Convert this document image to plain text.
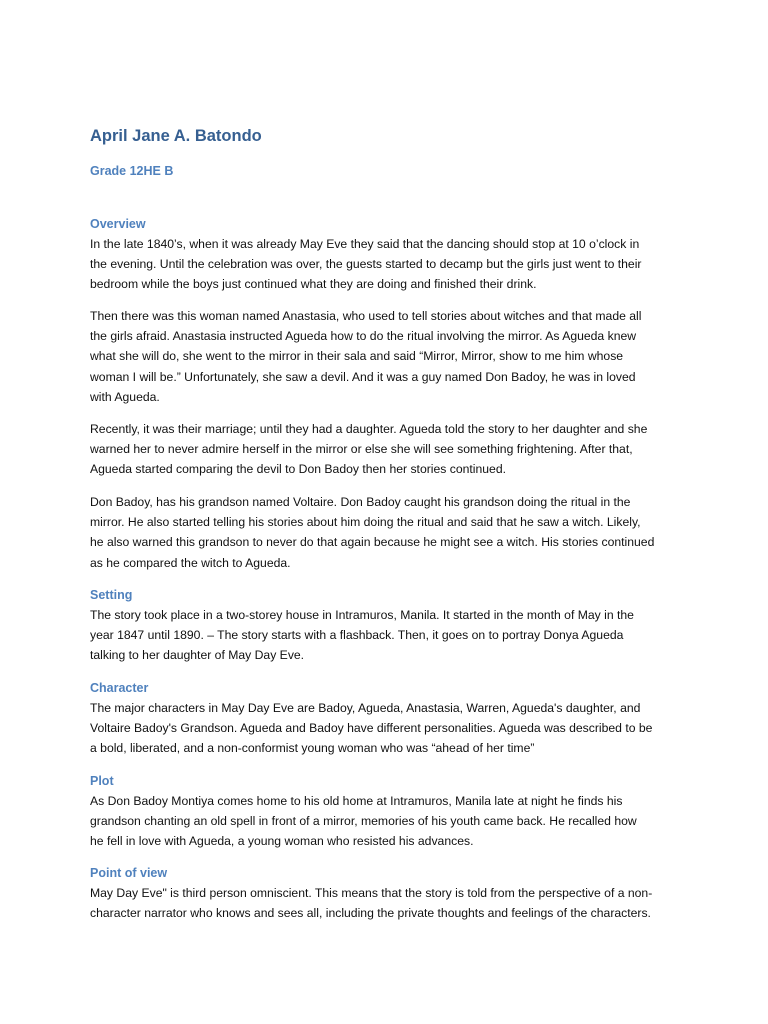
April Jane A. Batondo
Grade 12HE B
Overview

In the late 1840’s, when it was already May Eve they said that the dancing should stop at 10 o’clock in
the evening. Until the celebration was over, the guests started to decamp but the girls just went to their
bedroom while the boys just continued what they are doing and finished their drink.

Then there was this woman named Anastasia, who used to tell stories about witches and that made all
the girls afraid. Anastasia instructed Agueda how to do the ritual involving the mirror. As Agueda knew
what she will do, she went to the mirror in their sala and said “Mirror, Mirror, show to me him whose
woman I will be.” Unfortunately, she saw a devil. And it was a guy named Don Badoy, he was in loved
with Agueda.

Recently, it was their marriage; until they had a daughter. Agueda told the story to her daughter and she
warned her to never admire herself in the mirror or else she will see something frightening. After that,
Agueda started comparing the devil to Don Badoy then her stories continued.

Don Badoy, has his grandson named Voltaire. Don Badoy caught his grandson doing the ritual in the
mirror. He also started telling his stories about him doing the ritual and said that he saw a witch. Likely,
he also warned this grandson to never do that again because he might see a witch. His stories continued
as he compared the witch to Agueda.

Setting

The story took place in a two-storey house in Intramuros, Manila. It started in the month of May in the
year 1847 until 1890. – The story starts with a flashback. Then, it goes on to portray Donya Agueda
talking to her daughter of May Day Eve.

Character

The major characters in May Day Eve are Badoy, Agueda, Anastasia, Warren, Agueda's daughter, and
Voltaire Badoy's Grandson. Agueda and Badoy have different personalities. Agueda was described to be
a bold, liberated, and a non-conformist young woman who was “ahead of her time”

Plot

As Don Badoy Montiya comes home to his old home at Intramuros, Manila late at night he finds his
grandson chanting an old spell in front of a mirror, memories of his youth came back. He recalled how
he fell in love with Agueda, a young woman who resisted his advances.

Point of view

May Day Eve" is third person omniscient. This means that the story is told from the perspective of a non-
character narrator who knows and sees all, including the private thoughts and feelings of the characters.
